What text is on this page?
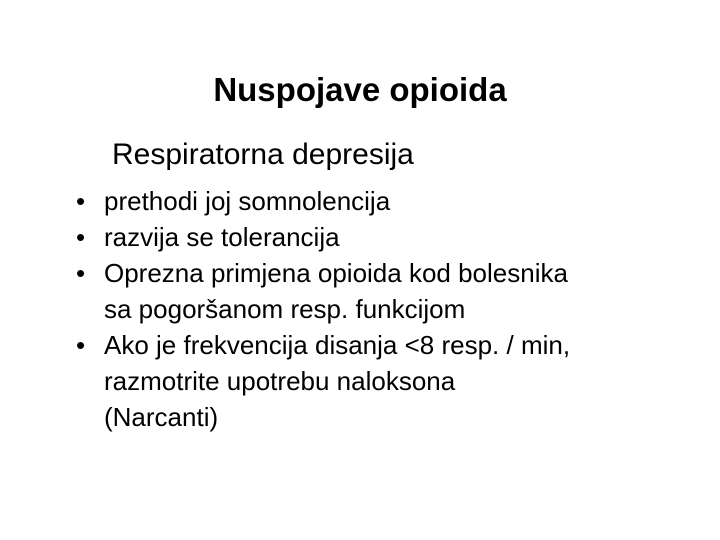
Nuspojave opioida
Respiratorna depresija
• prethodi joj somnolencija
• razvija se tolerancija
• Oprezna primjena opioida kod bolesnika
sa pogoršanom resp. funkcijom
• Ako je frekvencija disanja <8 resp. / min,
razmotrite upotrebu naloksona
(Narcanti)
